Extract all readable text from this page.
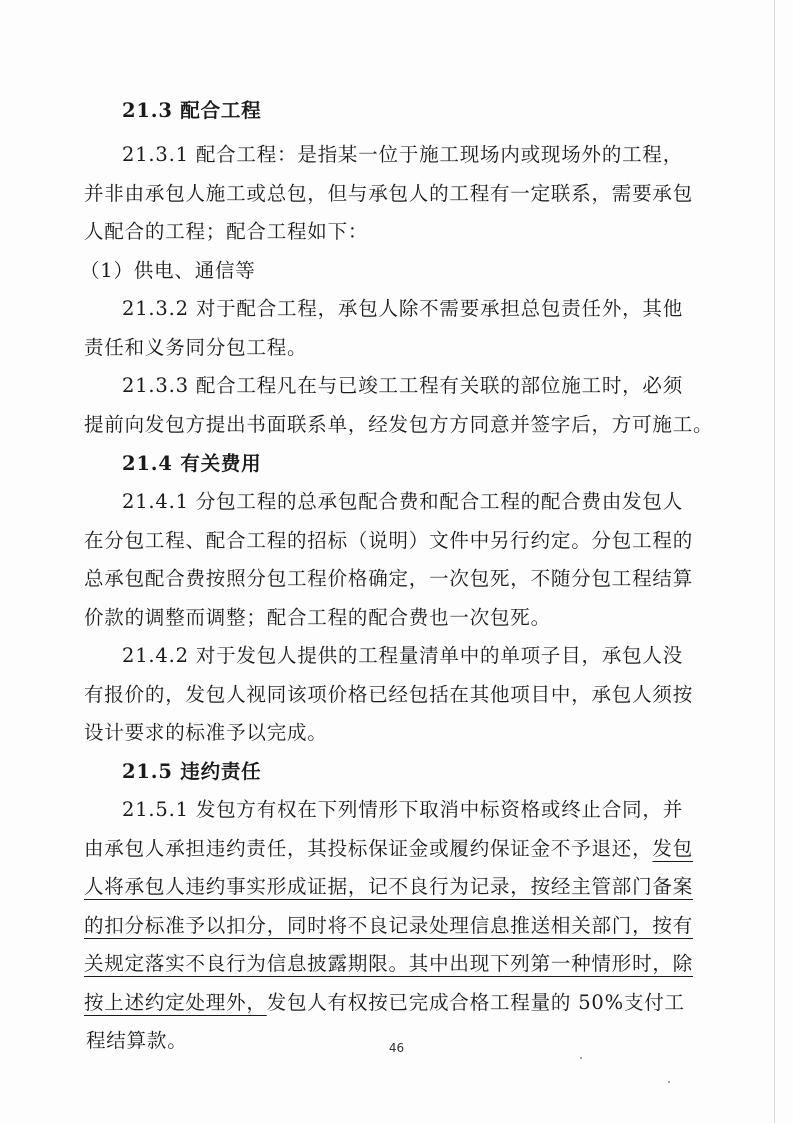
21.3 配合工程
21.3.1 配合工程：是指某一位于施工现场内或现场外的工程，
并非由承包人施工或总包，但与承包人的工程有一定联系，需要承包
人配合的工程；配合工程如下：
（1）供电、通信等
21.3.2 对于配合工程，承包人除不需要承担总包责任外，其他
责任和义务同分包工程。
21.3.3 配合工程凡在与已竣工工程有关联的部位施工时，必须
提前向发包方提出书面联系单，经发包方方同意并签字后，方可施工。
21.4 有关费用
21.4.1 分包工程的总承包配合费和配合工程的配合费由发包人
在分包工程、配合工程的招标（说明）文件中另行约定。分包工程的
总承包配合费按照分包工程价格确定，一次包死，不随分包工程结算
价款的调整而调整；配合工程的配合费也一次包死。
21.4.2 对于发包人提供的工程量清单中的单项子目，承包人没
有报价的，发包人视同该项价格已经包括在其他项目中，承包人须按
设计要求的标准予以完成。
21.5 违约责任
21.5.1 发包方有权在下列情形下取消中标资格或终止合同，并
由承包人承担违约责任，其投标保证金或履约保证金不予退还，发包
人将承包人违约事实形成证据，记不良行为记录，按经主管部门备案
的扣分标准予以扣分，同时将不良记录处理信息推送相关部门，按有
关规定落实不良行为信息披露期限。其中出现下列第一种情形时，除
按上述约定处理外，发包人有权按已完成合格工程量的 50%支付工
程结算款。	46
